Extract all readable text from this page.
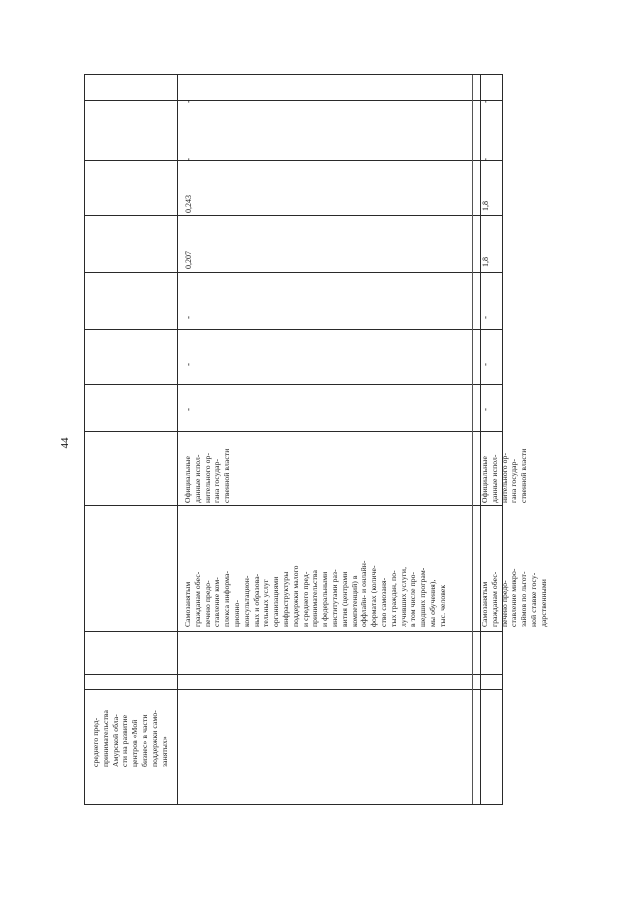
44
среднего пред-
принимательства
Амурской обла-
сти на развитие
центров «Мой
бизнес» в части
поддержки само-
занятых»
Самозанятым
гражданам обес-
печено предо-
ставление ком-
плекса информа-
ционно-
консультацион-
ных и образова-
тельных услуг
организациями
инфраструктуры
поддержки малого
и среднего пред-
принимательства
и федеральными
институтами раз-
вития (центрами
компетенций) в
оффлайн- и онлайн-
форматах (количе-
ство самозаня-
тых граждан, по-
лучивших услуги,
в том числе про-
шедших програм-
мы обучения),
тыс. человек
Официальные
данные испол-
нительного ор-
гана государ-
ственной власти
-
-
-
0,207
0,243
-
-
Самозанятым
гражданам обес-
печено предо-
ставление микро-
займов по льгот-
ной ставке госу-
дарственными
Официальные
данные испол-
нительного ор-
гана государ-
ственной власти
-
-
-
1,8
1,8
-
-
